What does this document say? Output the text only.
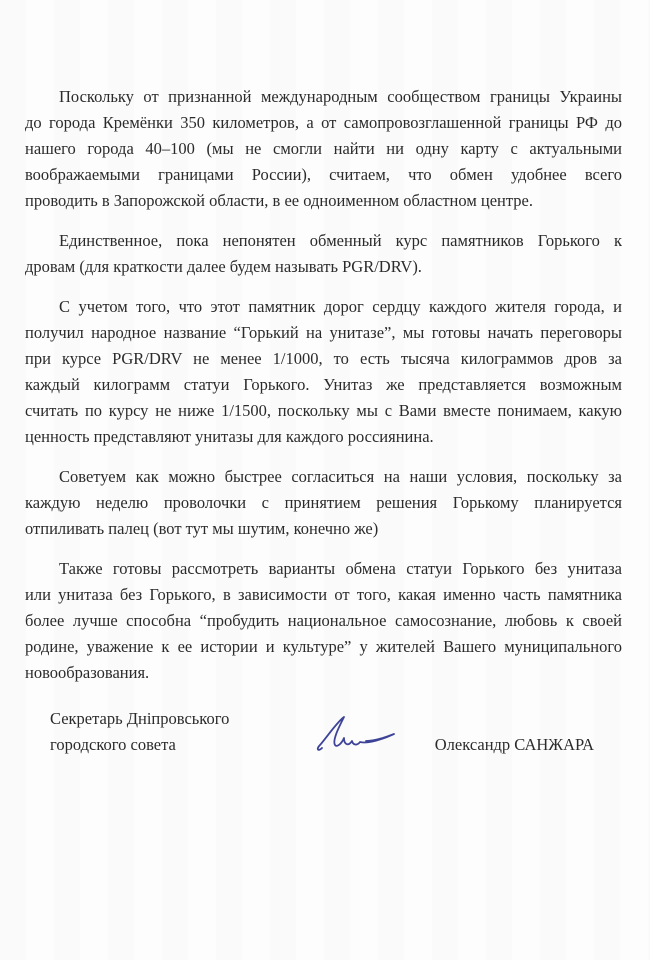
Поскольку от признанной международным сообществом границы Украины
до города Кремёнки 350 километров, а от самопровозглашенной границы РФ до
нашего города 40–100 (мы не смогли найти ни одну карту с актуальными
воображаемыми границами России), считаем, что обмен удобнее всего
проводить в Запорожской области, в ее одноименном областном центре.
Единственное, пока непонятен обменный курс памятников Горького к
дровам (для краткости далее будем называть PGR/DRV).
С учетом того, что этот памятник дорог сердцу каждого жителя города, и
получил народное название “Горький на унитазе”, мы готовы начать переговоры
при курсе PGR/DRV не менее 1/1000, то есть тысяча килограммов дров за
каждый килограмм статуи Горького. Унитаз же представляется возможным
считать по курсу не ниже 1/1500, поскольку мы с Вами вместе понимаем, какую
ценность представляют унитазы для каждого россиянина.
Советуем как можно быстрее согласиться на наши условия, поскольку за
каждую неделю проволочки с принятием решения Горькому планируется
отпиливать палец (вот тут мы шутим, конечно же)
Также готовы рассмотреть варианты обмена статуи Горького без унитаза
или унитаза без Горького, в зависимости от того, какая именно часть памятника
более лучше способна “пробудить национальное самосознание, любовь к своей
родине, уважение к ее истории и культуре” у жителей Вашего муниципального
новообразования.
Секретарь Дніпровського
городского совета	Олександр САНЖАРА
